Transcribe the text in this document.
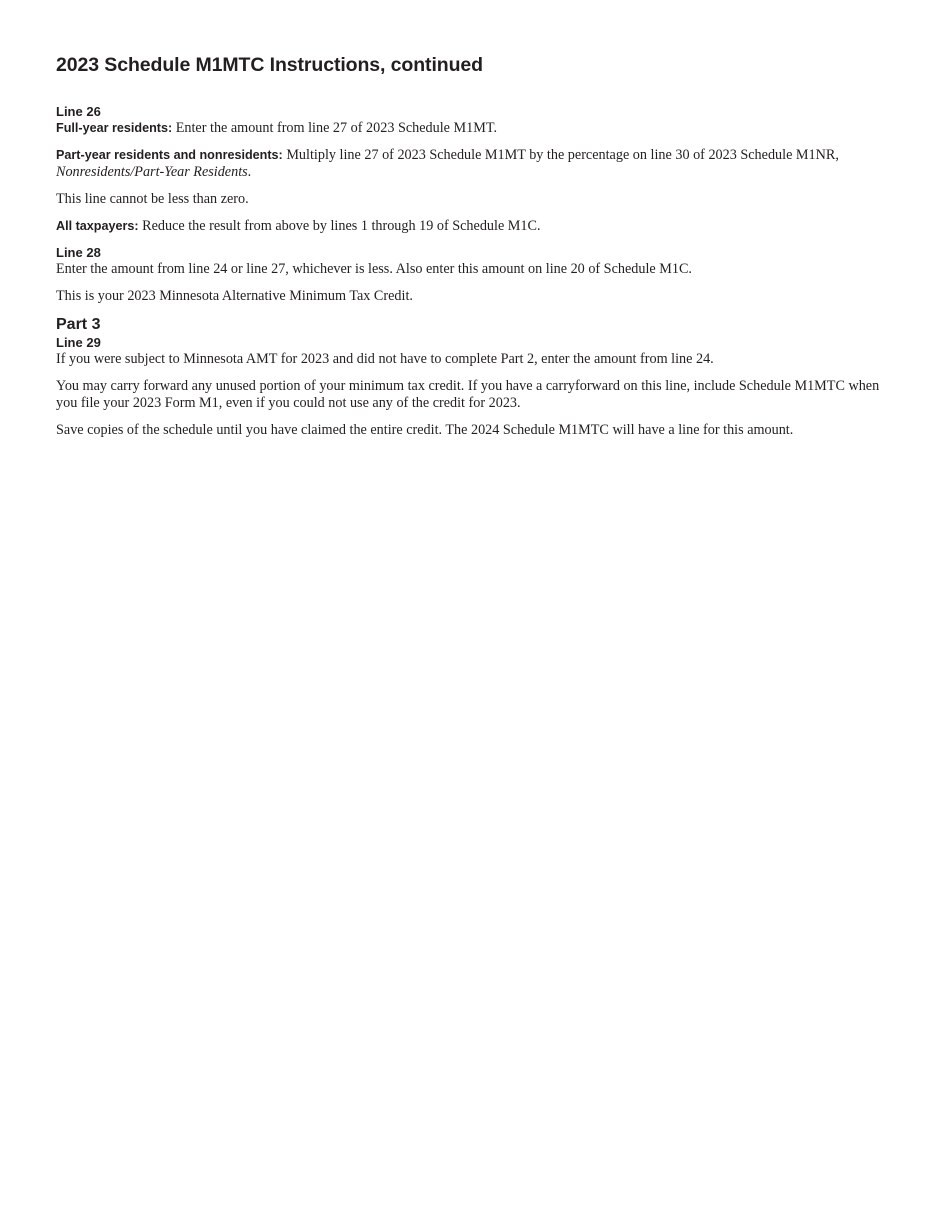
2023 Schedule M1MTC Instructions, continued
Line 26

Full-year residents: Enter the amount from line 27 of 2023 Schedule M1MT.

Part-year residents and nonresidents: Multiply line 27 of 2023 Schedule M1MT by the percentage on line 30 of 2023 Schedule M1NR,
Nonresidents/Part-Year Residents.

This line cannot be less than zero.

All taxpayers: Reduce the result from above by lines 1 through 19 of Schedule M1C.

Line 28

Enter the amount from line 24 or line 27, whichever is less. Also enter this amount on line 20 of Schedule M1C.

This is your 2023 Minnesota Alternative Minimum Tax Credit.

Part 3
Line 29

If you were subject to Minnesota AMT for 2023 and did not have to complete Part 2, enter the amount from line 24.

You may carry forward any unused portion of your minimum tax credit. If you have a carryforward on this line, include Schedule M1MTC when you file your 2023 Form M1, even if you could not use any of the credit for 2023.

Save copies of the schedule until you have claimed the entire credit. The 2024 Schedule M1MTC will have a line for this amount.
